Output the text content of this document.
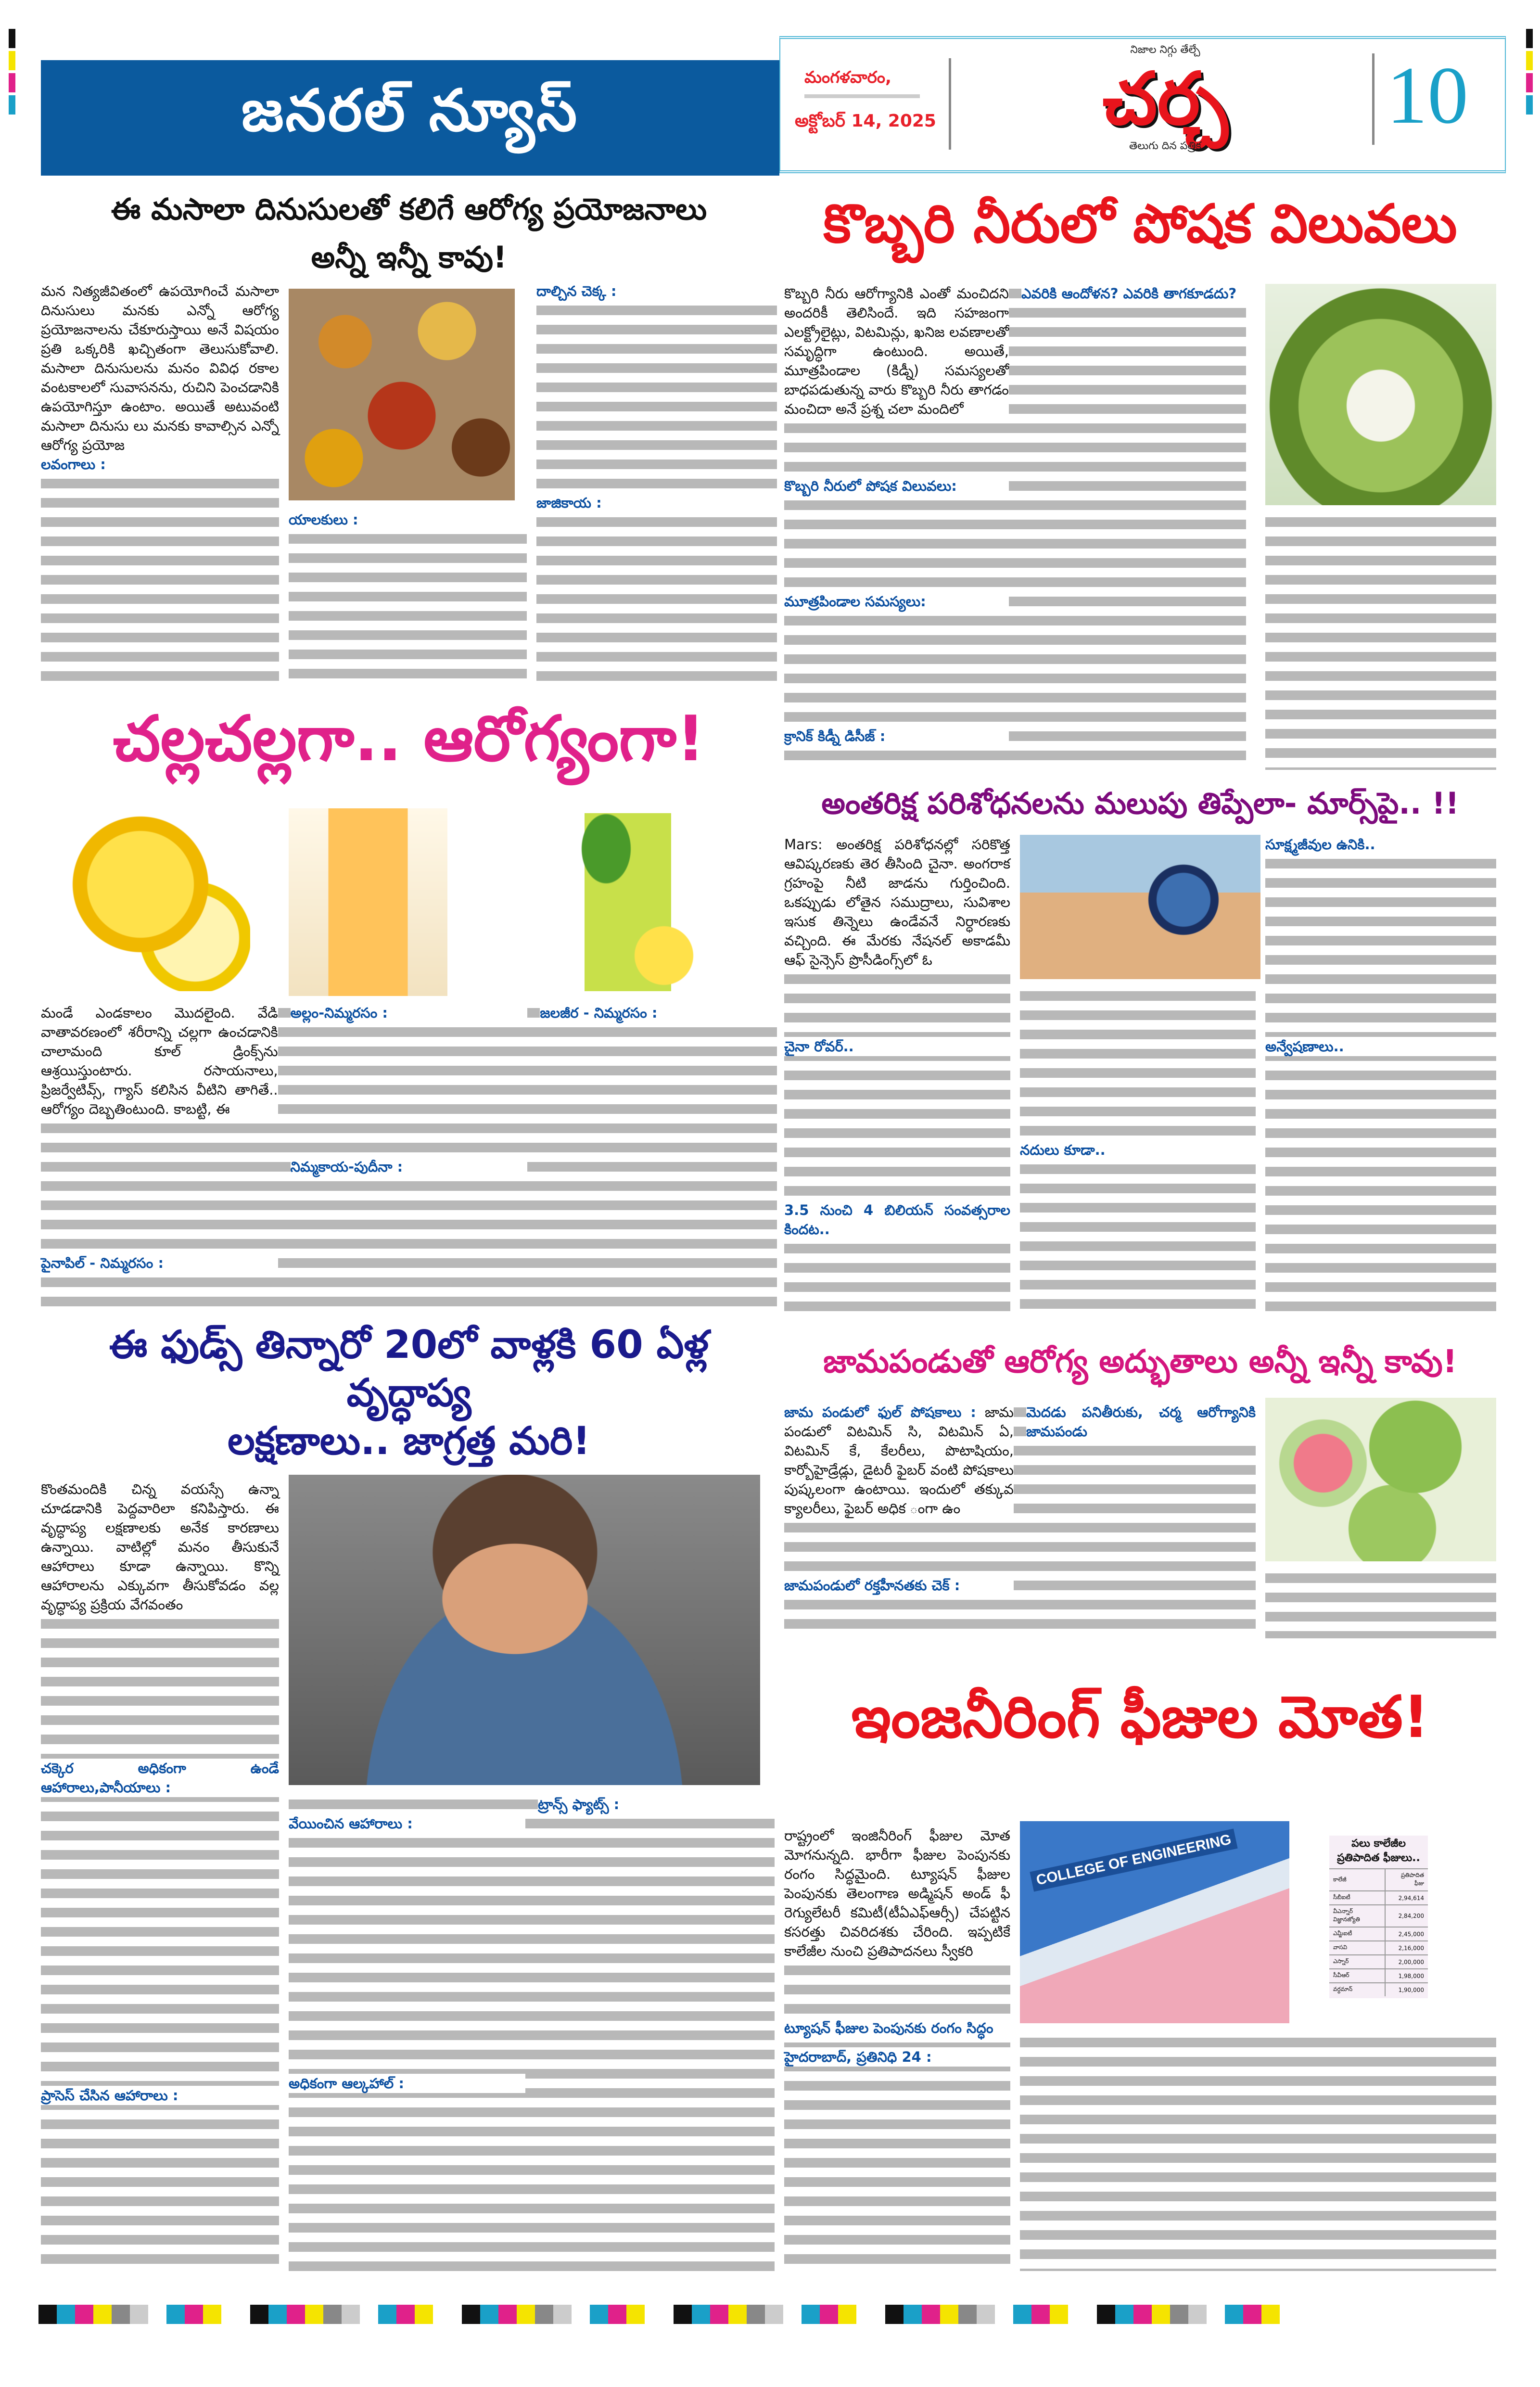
జనరల్ న్యూస్	మంగళవారం,
అక్టోబర్ 14, 2025
నిజాల నిగ్గు తేల్చే
చర్చ
తెలుగు దిన పత్రిక
10
ఈ మసాలా దినుసులతో కలిగే ఆరోగ్య ప్రయోజనాలు
అన్నీ ఇన్నీ కావు!

మన నిత్యజీవితంలో ఉపయోగించే మసాలా దినుసులు మనకు ఎన్నో ఆరోగ్య ప్రయోజనాలను చేకూరుస్తాయి అనే విషయం ప్రతి ఒక్కరికి ఖచ్చితంగా తెలుసుకోవాలి. మసాలా దినుసులను మనం వివిధ రకాల వంటకాలలో సువాసనను, రుచిని పెంచడానికి ఉపయోగిస్తూ ఉంటాం. అయితే అటువంటి మసాలా దినుసు లు మనకు కావాల్సిన ఎన్నో ఆరోగ్య ప్రయోజ

లవంగాలు :

యాలకులు :

దాల్చిన చెక్క :

జాజికాయ :

కొబ్బరి నీరులో పోషక విలువలు

కొబ్బరి నీరు ఆరోగ్యానికి ఎంతో మంచిదని అందరికీ తెలిసిందే. ఇది సహజంగా ఎలక్ట్రోలైట్లు, విటమిన్లు, ఖనిజ లవణాలతో సమృద్ధిగా ఉంటుంది. అయితే, మూత్రపిండాల (కిడ్నీ) సమస్యలతో బాధపడుతున్న వారు కొబ్బరి నీరు తాగడం మంచిదా అనే ప్రశ్న చలా మందిలో

కొబ్బరి నీరులో పోషక విలువలు:

మూత్రపిండాల సమస్యలు:

క్రానిక్ కిడ్నీ డిసీజ్ :

ఎవరికి ఆందోళన? ఎవరికి తాగకూడదు?

చల్లచల్లగా.. ఆరోగ్యంగా!

మండే ఎండకాలం మొదలైంది. వేడి వాతావరణంలో శరీరాన్ని చల్లగా ఉంచడానికి చాలామంది కూల్ డ్రింక్స్‌ను ఆశ్రయిస్తుంటారు. రసాయనాలు, ప్రిజర్వేటివ్స్, గ్యాస్ కలిసిన వీటిని తాగితే.. ఆరోగ్యం దెబ్బతింటుంది. కాబట్టి, ఈ

పైనాపిల్ - నిమ్మరసం :

అల్లం-నిమ్మరసం :

నిమ్మకాయ-పుదీనా :

జలజీర - నిమ్మరసం :

అంతరిక్ష పరిశోధనలను మలుపు తిప్పేలా- మార్స్‌పై.. !!

Mars: అంతరిక్ష పరిశోధనల్లో సరికొత్త ఆవిష్కరణకు తెర తీసింది చైనా. అంగరాక గ్రహంపై నీటి జాడను గుర్తించింది. ఒకప్పుడు లోతైన సముద్రాలు, సువిశాల ఇసుక తిన్నెలు ఉండేవనే నిర్ధారణకు వచ్చింది. ఈ మేరకు నేషనల్ అకాడమీ ఆఫ్ సైన్సెస్ ప్రొసీడింగ్స్‌లో ఓ

చైనా రోవర్..

3.5 నుంచి 4 బిలియన్ సంవత్సరాల కిందట..

నదులు కూడా..

సూక్ష్మజీవుల ఉనికి..

అన్వేషణాలు..

ఈ ఫుడ్స్ తిన్నారో 20లో వాళ్లకి 60 ఏళ్ల వృద్ధాప్య
లక్షణాలు.. జాగ్రత్త మరి!

కొంతమందికి చిన్న వయస్సే ఉన్నా చూడడానికి పెద్దవారిలా కనిపిస్తారు. ఈ వృద్ధాప్య లక్షణాలకు అనేక కారణాలు ఉన్నాయి. వాటిల్లో మనం తీసుకునే ఆహారాలు కూడా ఉన్నాయి. కొన్ని ఆహారాలను ఎక్కువగా తీసుకోవడం వల్ల వృద్ధాప్య ప్రక్రియ వేగవంతం

చక్కెర అధికంగా ఉండే ఆహారాలు,పానీయాలు :

ప్రాసెస్ చేసిన ఆహారాలు :

వేయించిన ఆహారాలు :

అధికంగా ఆల్కహాల్ :

ట్రాన్స్ ఫ్యాట్స్ :

జామపండుతో ఆరోగ్య అద్భుతాలు అన్నీ ఇన్నీ కావు!

జామ పండులో ఫుల్ పోషకాలు : జామ పండులో విటమిన్ సి, విటమిన్ ఏ, విటమిన్ కే, కేలరీలు, పొటాషియం, కార్బోహైడ్రేడ్లు, డైటరీ ఫైబర్ వంటి పోషకాలు పుష్కలంగా ఉంటాయి. ఇందులో తక్కువ క్యాలరీలు, ఫైబర్ అధిక ంగా ఉం

జామపండులో రక్తహీనతకు చెక్ :

మెదడు పనితీరుకు, చర్మ ఆరోగ్యానికి జామపండు

ఇంజనీరింగ్ ఫీజుల మోత!
COLLEGE OF ENGINEERING	పలు కాలేజీల
ప్రతిపాదిత ఫీజులు..
కాలేజీ	ప్రతిపాదిత ఫీజు
సీబీఐటీ	2,94,614
వీఎన్నార్ విజ్ఞానజ్యోతి	2,84,200
ఎమ్జీఐటీ	2,45,000
వాసవి	2,16,000
ఎస్నార్	2,00,000
సీవీఆర్	1,98,000
వర్ధమాన్	1,90,000

రాష్ట్రంలో ఇంజినీరింగ్ ఫీజుల మోత మోగనున్నది. భారీగా ఫీజుల పెంపునకు రంగం సిద్ధమైంది. ట్యూషన్ ఫీజుల పెంపునకు తెలంగాణ అడ్మిషన్ అండ్ ఫీ రెగ్యులేటరీ కమిటీ(టీఏఎఫ్‌ఆర్సీ) చేపట్టిన కసరత్తు చివరిదశకు చేరింది. ఇప్పటికే కాలేజీల నుంచి ప్రతిపాదనలు స్వీకరి

ట్యూషన్ ఫీజుల పెంపునకు రంగం సిద్ధం

హైదరాబాద్, ప్రతినిధి 24 :
